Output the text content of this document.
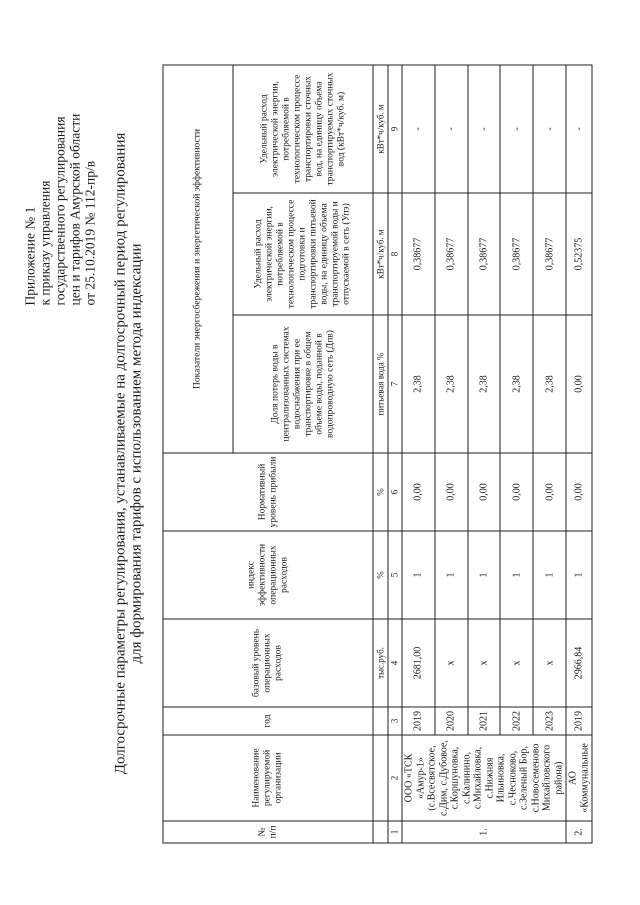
Приложение № 1 к приказу управления государственного регулирования цен и тарифов Амурской области от 25.10.2019 № 112-пр/в Долгосрочные параметры регулирования, устанавливаемые на долгосрочный период регулирования для формирования тарифов с использованием метода индексации
№ п/п	Наименование регулируемой организации	год	базовый уровень операционных расходов	индекс эффективности операционных расходов	Нормативный уровень прибыли	Показатели энергосбережения и энергетической эффективности		
						Доля потерь воды в централизованных системах водоснабжения при ее транспортировке в общем объеме воды, поданной в водопроводную сеть (Дпв)	Удельный расход электрической энергии, потребляемой в технологическом процессе подготовки и транспортировки питьевой воды, на единицу объема транспортируемой воды и отпускаемой в сеть (Упэ)	Удельный расход электрической энергии, потребляемой в технологическом процессе транспортировки сточных вод, на единицу объема транспортируемых сточных вод (кВт*ч/куб. м)
			тыс.руб.	%	%	питьевая вода %	кВт*ч/куб. м	кВт*ч/куб. м
1	2	3	4	5	6	7	8	9
1.	ООО «ТСК «Амур-1» (с.Всесвятское, с.Дим, с.Дубовое, с.Коршуновка, с.Калинино, с.Михайловка, с.Нижняя Ильиновка, с.Чесноково, с.Зеленый Бор, с.Новосеменово Михайловского района)	2019	2681,00	1	0,00	2,38	0,38677	-
		2020	х	1	0,00	2,38	0,38677	-
		2021	х	1	0,00	2,38	0,38677	-
		2022	х	1	0,00	2,38	0,38677	-
		2023	х	1	0,00	2,38	0,38677	-
2.	АО «Коммунальные	2019	2966,84	1	0,00	0,00	0,52375	-
